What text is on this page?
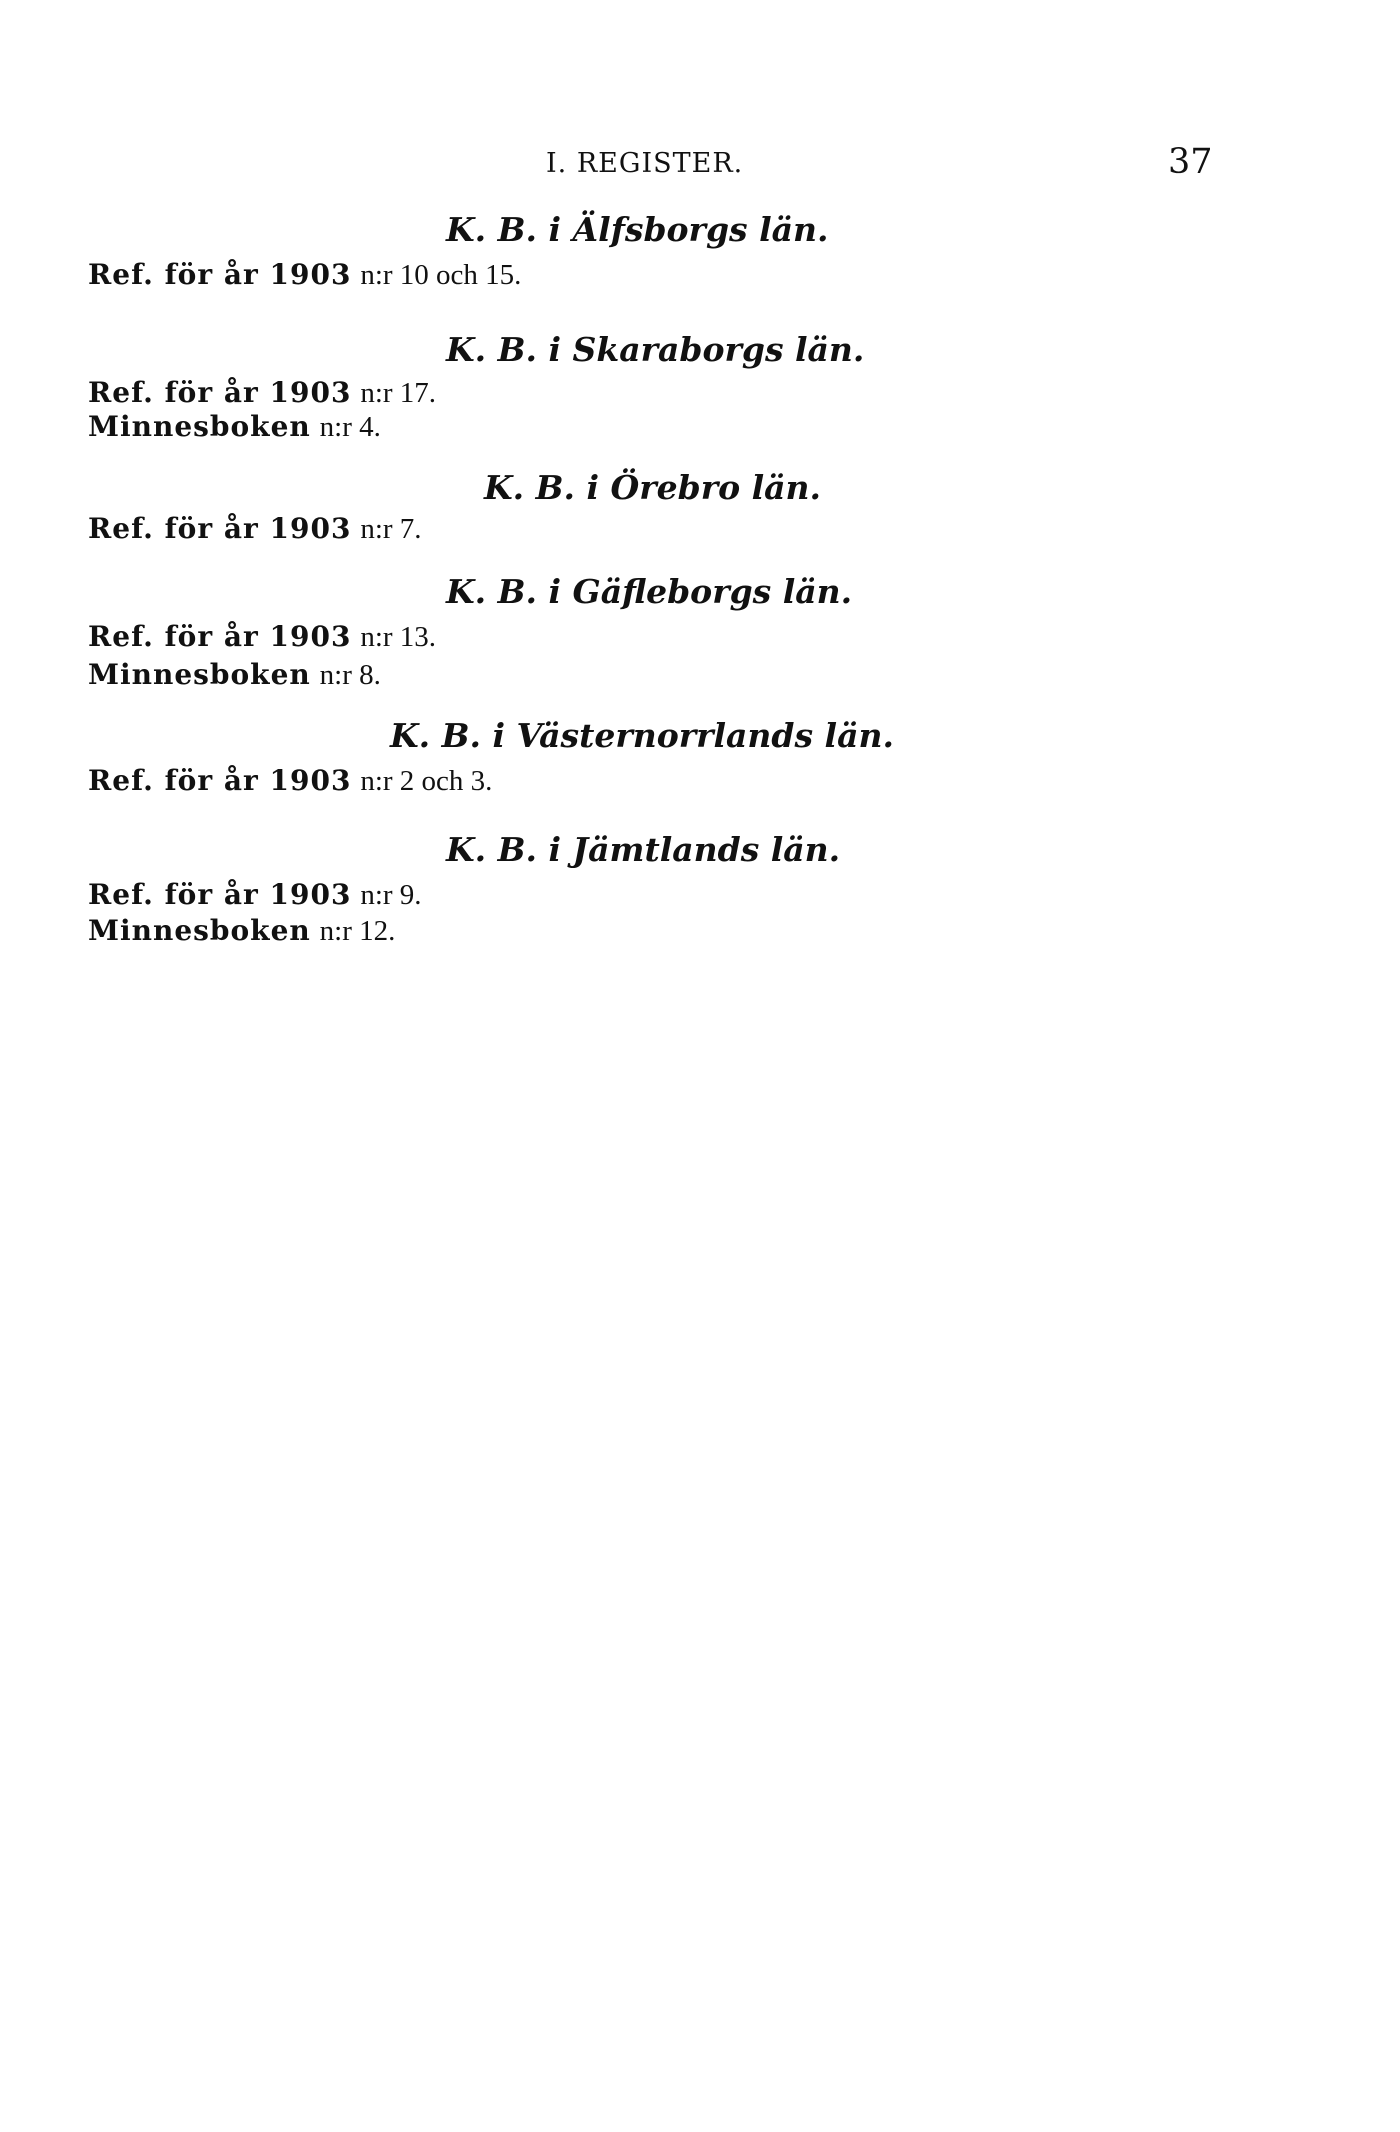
I. REGISTER.	37
K. B. i Älfsborgs län.
Ref. för år 1903 n:r 10 och 15.
K. B. i Skaraborgs län.
Ref. för år 1903 n:r 17.
Minnesboken n:r 4.
K. B. i Örebro län.
Ref. för år 1903 n:r 7.
K. B. i Gäfleborgs län.
Ref. för år 1903 n:r 13.
Minnesboken n:r 8.
K. B. i Västernorrlands län.
Ref. för år 1903 n:r 2 och 3.
K. B. i Jämtlands län.
Ref. för år 1903 n:r 9.
Minnesboken n:r 12.
